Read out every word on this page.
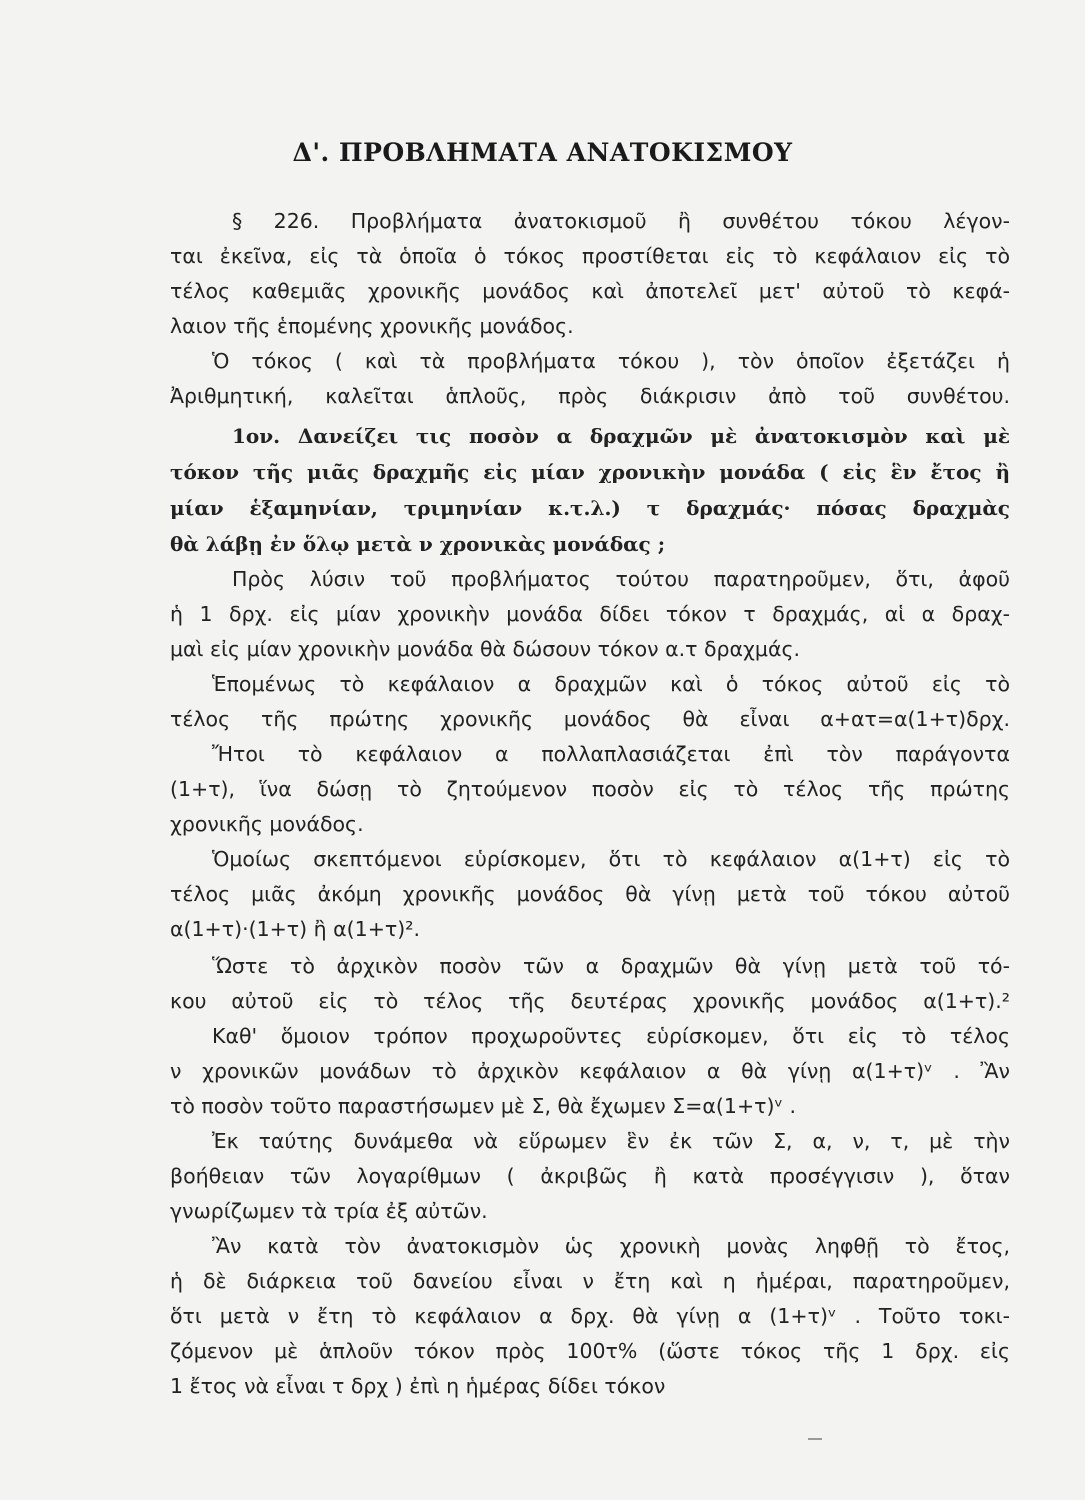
Δ'. ΠΡΟΒΛΗΜΑΤΑ ΑΝΑΤΟΚΙΣΜΟΥ
§ 226. Προβλήματα ἀνατοκισμοῦ ἢ συνθέτου τόκου λέγον-
ται ἐκεῖνα, εἰς τὰ ὁποῖα ὁ τόκος προστίθεται εἰς τὸ κεφάλαιον εἰς τὸ
τέλος καθεμιᾶς χρονικῆς μονάδος καὶ ἀποτελεῖ μετ' αὐτοῦ τὸ κεφά-
λαιον τῆς ἑπομένης χρονικῆς μονάδος.
Ὁ τόκος ( καὶ τὰ προβλήματα τόκου ), τὸν ὁποῖον ἐξετάζει ἡ
Ἀριθμητική, καλεῖται ἁπλοῦς, πρὸς διάκρισιν ἀπὸ τοῦ συνθέτου.
1ον. Δανείζει τις ποσὸν α δραχμῶν μὲ ἀνατοκισμὸν καὶ μὲ
τόκον τῆς μιᾶς δραχμῆς εἰς μίαν χρονικὴν μονάδα ( εἰς ἓν ἔτος ἢ
μίαν ἑξαμηνίαν, τριμηνίαν κ.τ.λ.) τ δραχμάς· πόσας δραχμὰς
θὰ λάβῃ ἐν ὅλῳ μετὰ ν χρονικὰς μονάδας ;
Πρὸς λύσιν τοῦ προβλήματος τούτου παρατηροῦμεν, ὅτι, ἀφοῦ
ἡ 1 δρχ. εἰς μίαν χρονικὴν μονάδα δίδει τόκον τ δραχμάς, αἱ α δραχ-
μαὶ εἰς μίαν χρονικὴν μονάδα θὰ δώσουν τόκον α.τ δραχμάς.
Ἑπομένως τὸ κεφάλαιον α δραχμῶν καὶ ὁ τόκος αὐτοῦ εἰς τὸ
τέλος τῆς πρώτης χρονικῆς μονάδος θὰ εἶναι α+ατ=α(1+τ)δρχ.
Ἤτοι τὸ κεφάλαιον α πολλαπλασιάζεται ἐπὶ τὸν παράγοντα
(1+τ), ἵνα δώσῃ τὸ ζητούμενον ποσὸν εἰς τὸ τέλος τῆς πρώτης
χρονικῆς μονάδος.
Ὁμοίως σκεπτόμενοι εὑρίσκομεν, ὅτι τὸ κεφάλαιον α(1+τ) εἰς τὸ
τέλος μιᾶς ἀκόμη χρονικῆς μονάδος θὰ γίνῃ μετὰ τοῦ τόκου αὐτοῦ
α(1+τ)·(1+τ) ἢ α(1+τ)².
Ὥστε τὸ ἀρχικὸν ποσὸν τῶν α δραχμῶν θὰ γίνῃ μετὰ τοῦ τό-
κου αὐτοῦ εἰς τὸ τέλος τῆς δευτέρας χρονικῆς μονάδος α(1+τ).²
Καθ' ὅμοιον τρόπον προχωροῦντες εὑρίσκομεν, ὅτι εἰς τὸ τέλος
ν χρονικῶν μονάδων τὸ ἀρχικὸν κεφάλαιον α θὰ γίνῃ α(1+τ)ᵛ . Ἂν
τὸ ποσὸν τοῦτο παραστήσωμεν μὲ Σ, θὰ ἔχωμεν Σ=α(1+τ)ᵛ .
Ἐκ ταύτης δυνάμεθα νὰ εὕρωμεν ἓν ἐκ τῶν Σ, α, ν, τ, μὲ τὴν
βοήθειαν τῶν λογαρίθμων ( ἀκριβῶς ἢ κατὰ προσέγγισιν ), ὅταν
γνωρίζωμεν τὰ τρία ἐξ αὐτῶν.
Ἂν κατὰ τὸν ἀνατοκισμὸν ὡς χρονικὴ μονὰς ληφθῇ τὸ ἔτος,
ἡ δὲ διάρκεια τοῦ δανείου εἶναι ν ἔτη καὶ η ἡμέραι, παρατηροῦμεν,
ὅτι μετὰ ν ἔτη τὸ κεφάλαιον α δρχ. θὰ γίνῃ α (1+τ)ᵛ . Τοῦτο τοκι-
ζόμενον μὲ ἁπλοῦν τόκον πρὸς 100τ% (ὥστε τόκος τῆς 1 δρχ. εἰς
1 ἔτος νὰ εἶναι τ δρχ ) ἐπὶ η ἡμέρας δίδει τόκον
